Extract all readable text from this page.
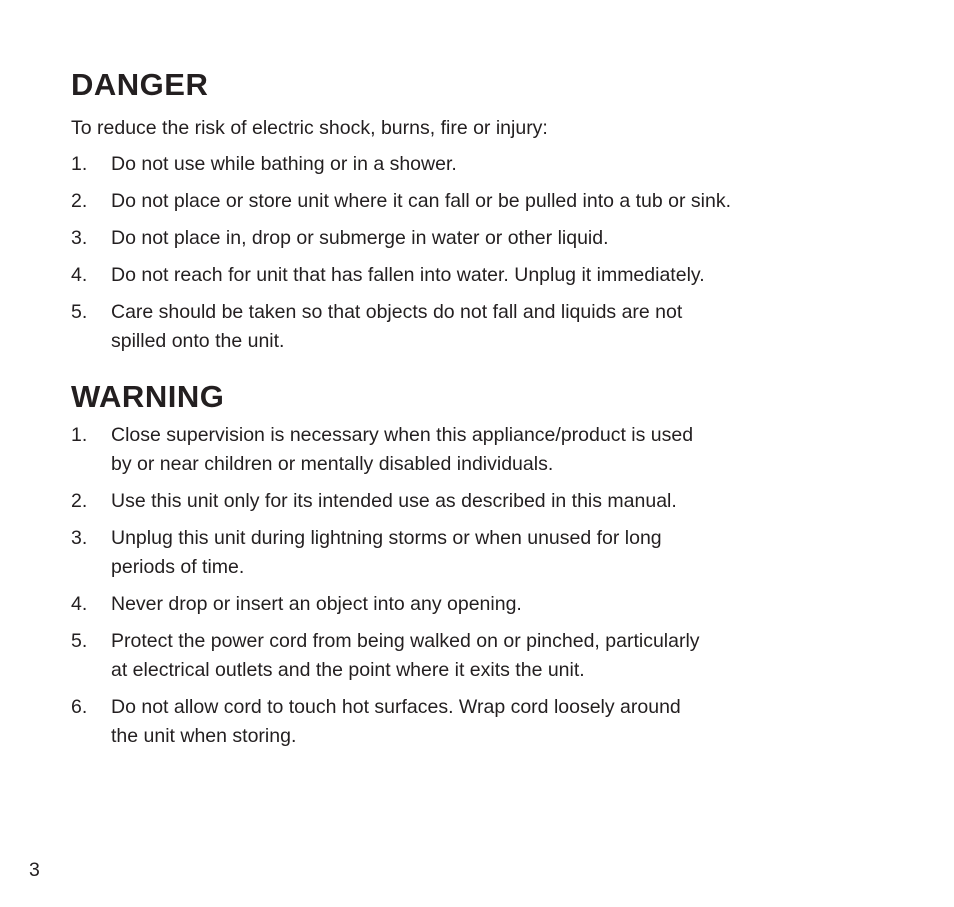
DANGER

To reduce the risk of electric shock, burns, fire or injury:

1.	Do not use while bathing or in a shower.
2.	Do not place or store unit where it can fall or be pulled into a tub or sink.
3.	Do not place in, drop or submerge in water or other liquid.
4.	Do not reach for unit that has fallen into water. Unplug it immediately.
5.	Care should be taken so that objects do not fall and liquids are not
spilled onto the unit.
WARNING
1.	Close supervision is necessary when this appliance/product is used
by or near children or mentally disabled individuals.
2.	Use this unit only for its intended use as described in this manual.
3.	Unplug this unit during lightning storms or when unused for long
periods of time.
4.	Never drop or insert an object into any opening.
5.	Protect the power cord from being walked on or pinched, particularly
at electrical outlets and the point where it exits the unit.
6.	Do not allow cord to touch hot surfaces. Wrap cord loosely around
the unit when storing.
3
